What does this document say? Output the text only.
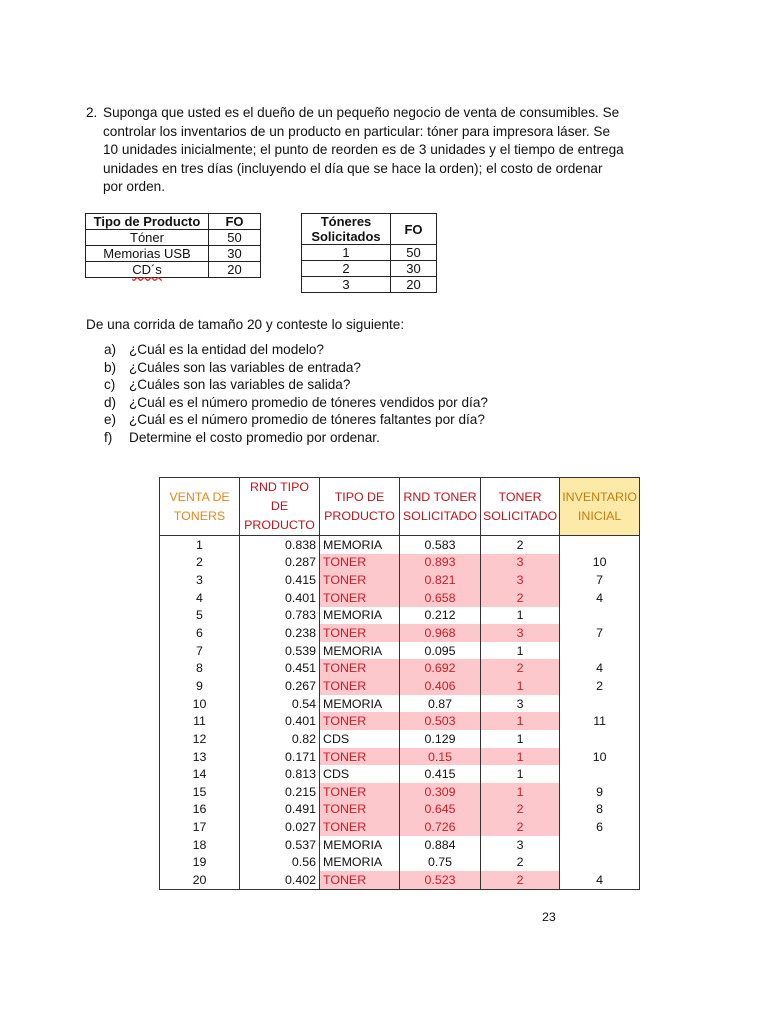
2. Suponga que usted es el dueño de un pequeño negocio de venta de consumibles. Se
controlar los inventarios de un producto en particular: tóner para impresora láser. Se
10 unidades inicialmente; el punto de reorden es de 3 unidades y el tiempo de entrega
unidades en tres días (incluyendo el día que se hace la orden); el costo de ordenar
por orden.
Tipo de Producto	FO
Tóner	50
Memorias USB	30
CD´s	20
Tóneres Solicitados	FO
1	50
2	30
3	20
De una corrida de tamaño 20 y conteste lo siguiente:
a) ¿Cuál es la entidad del modelo?
b) ¿Cuáles son las variables de entrada?
c) ¿Cuáles son las variables de salida?
d) ¿Cuál es el número promedio de tóneres vendidos por día?
e) ¿Cuál es el número promedio de tóneres faltantes por día?
f) Determine el costo promedio por ordenar.
VENTA DE TONERS	RND TIPO DE PRODUCTO	TIPO DE PRODUCTO	RND TONER SOLICITADO	TONER SOLICITADO	INVENTARIO INICIAL
1	0.838	MEMORIA	0.583	2	
2	0.287	TONER	0.893	3	10
3	0.415	TONER	0.821	3	7
4	0.401	TONER	0.658	2	4
5	0.783	MEMORIA	0.212	1	
6	0.238	TONER	0.968	3	7
7	0.539	MEMORIA	0.095	1	
8	0.451	TONER	0.692	2	4
9	0.267	TONER	0.406	1	2
10	0.54	MEMORIA	0.87	3	
11	0.401	TONER	0.503	1	11
12	0.82	CDS	0.129	1	
13	0.171	TONER	0.15	1	10
14	0.813	CDS	0.415	1	
15	0.215	TONER	0.309	1	9
16	0.491	TONER	0.645	2	8
17	0.027	TONER	0.726	2	6
18	0.537	MEMORIA	0.884	3	
19	0.56	MEMORIA	0.75	2	
20	0.402	TONER	0.523	2	4
23
